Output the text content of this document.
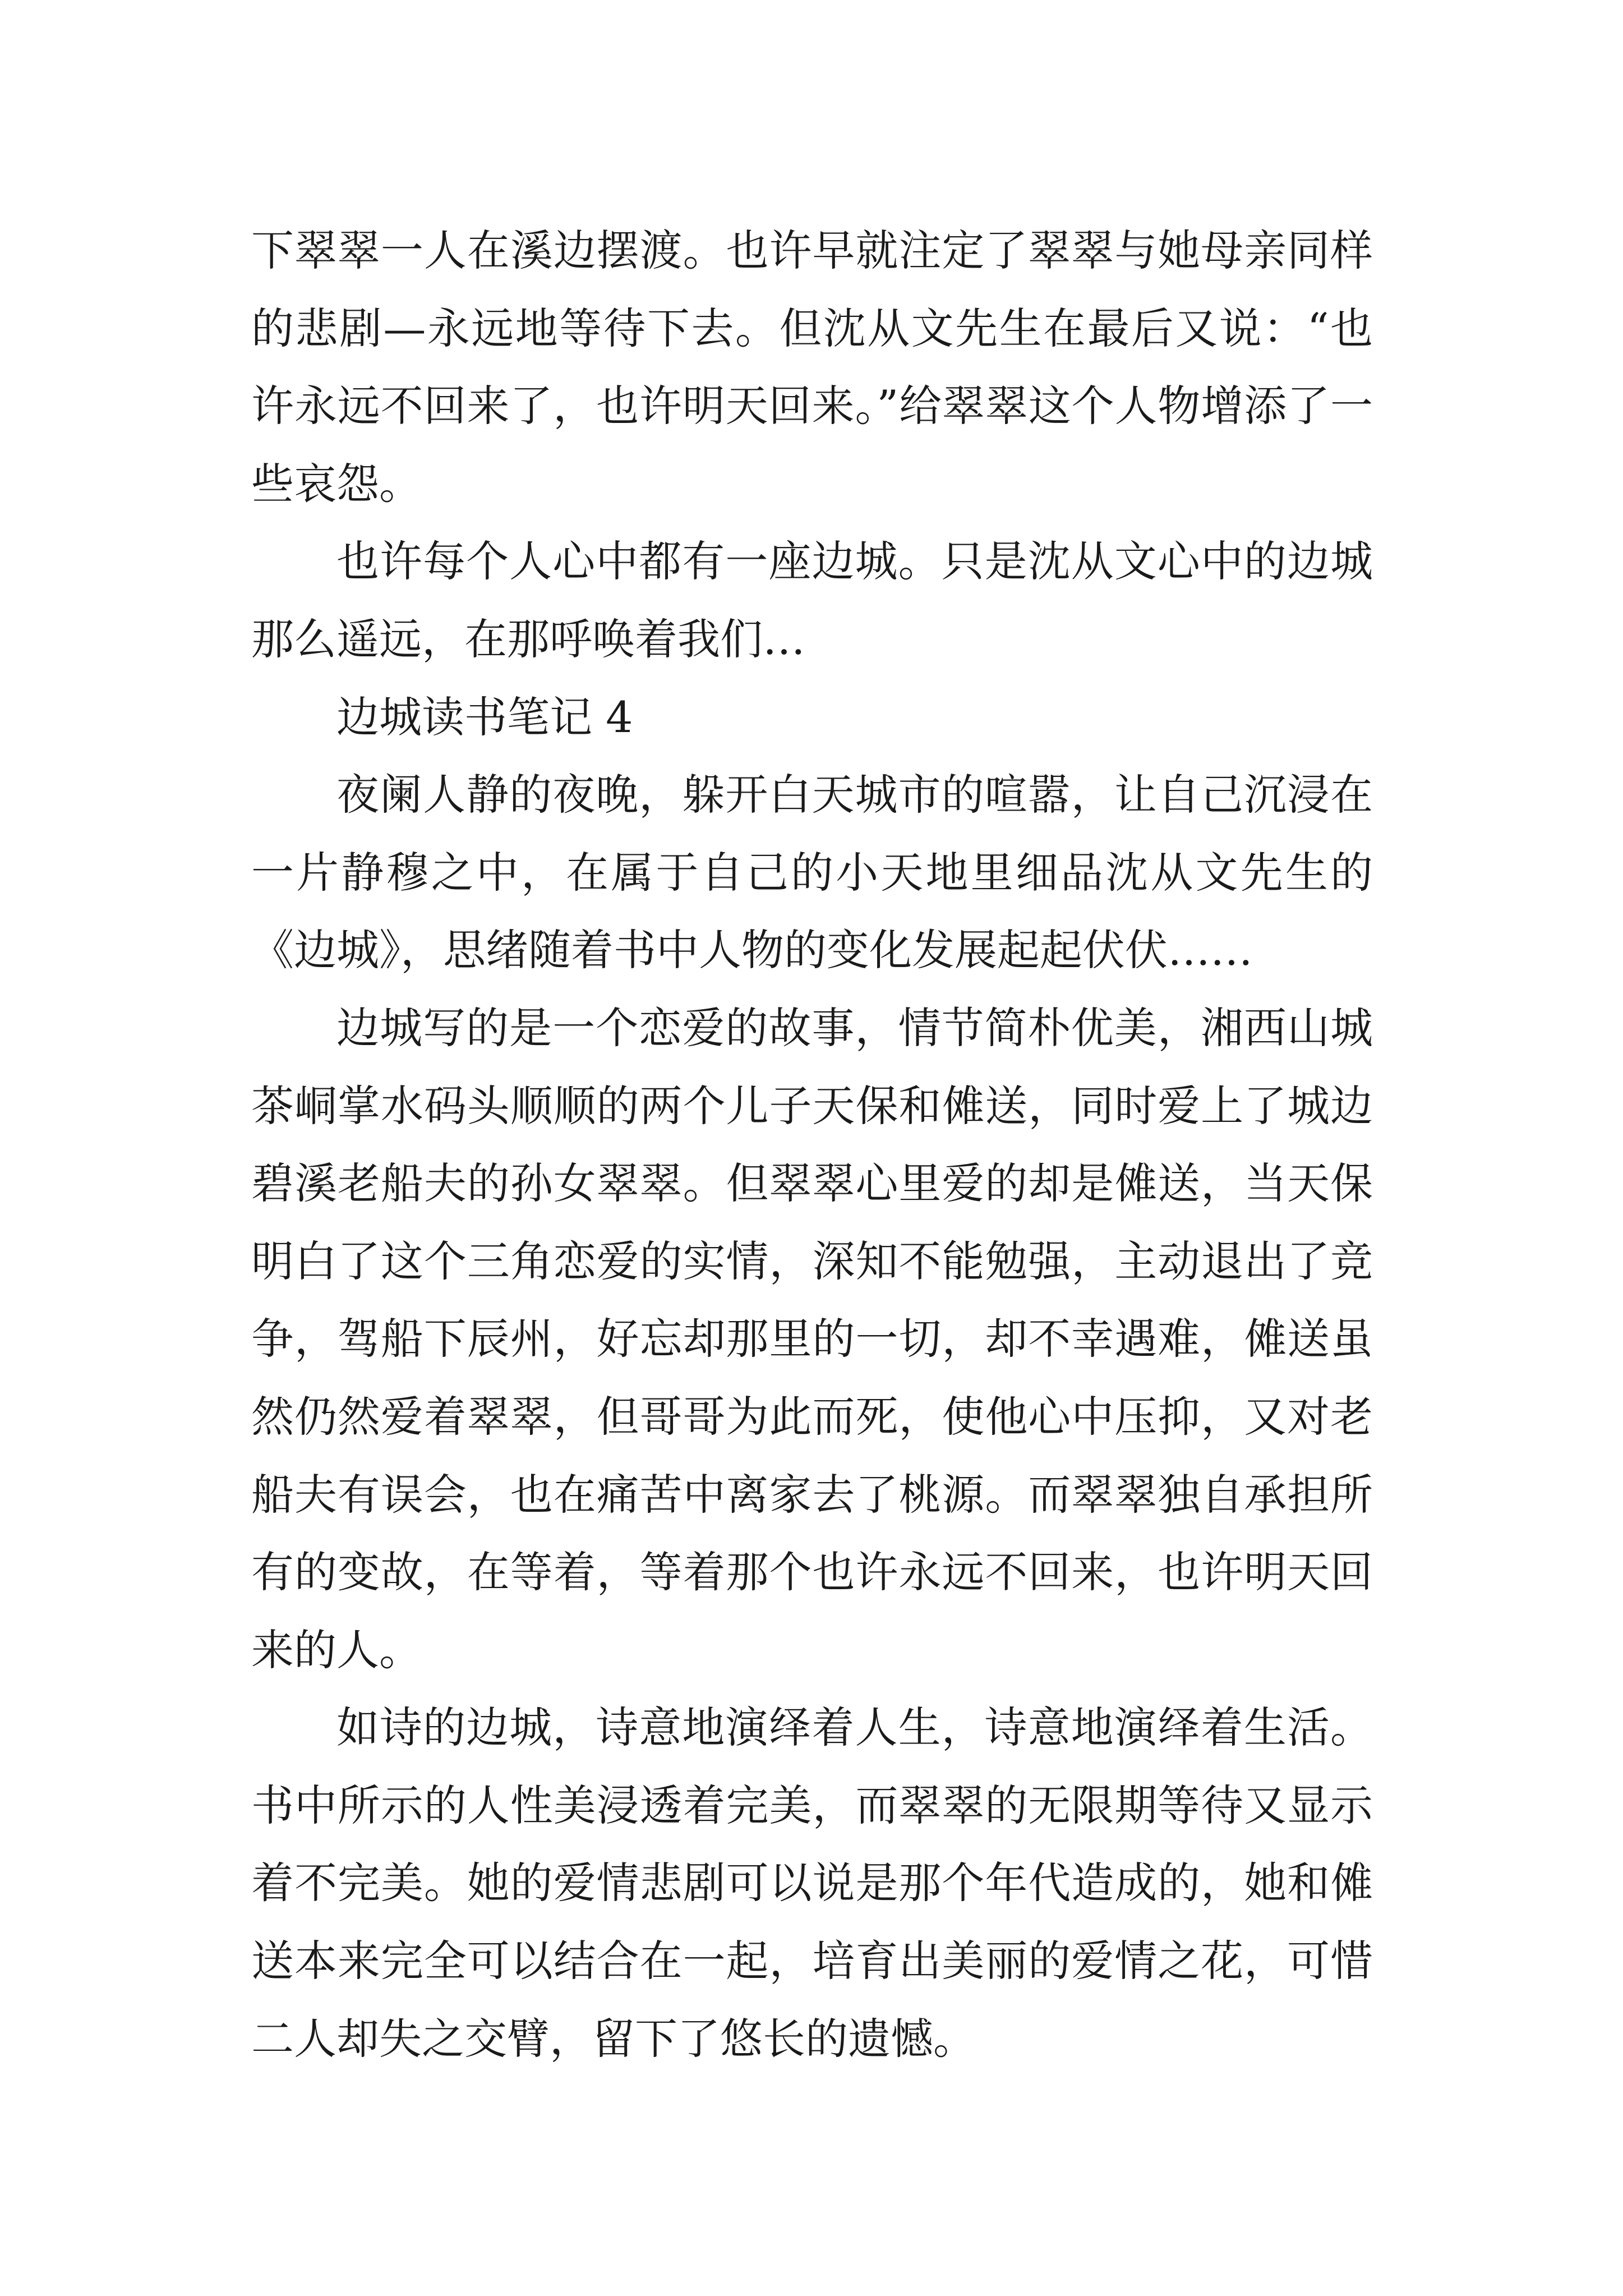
下翠翠一人在溪边摆渡。也许早就注定了翠翠与她母亲同样的悲剧—永远地等待下去。但沈从文先生在最后又说：“也许永远不回来了，也许明天回来。”给翠翠这个人物增添了一些哀怨。

也许每个人心中都有一座边城。只是沈从文心中的边城那么遥远，在那呼唤着我们…

边城读书笔记 4

夜阑人静的夜晚，躲开白天城市的喧嚣，让自己沉浸在一片静穆之中，在属于自己的小天地里细品沈从文先生的《边城》，思绪随着书中人物的变化发展起起伏伏……

边城写的是一个恋爱的故事，情节简朴优美，湘西山城茶峒掌水码头顺顺的两个儿子天保和傩送，同时爱上了城边碧溪老船夫的孙女翠翠。但翠翠心里爱的却是傩送，当天保明白了这个三角恋爱的实情，深知不能勉强，主动退出了竞争，驾船下辰州，好忘却那里的一切，却不幸遇难，傩送虽然仍然爱着翠翠，但哥哥为此而死，使他心中压抑，又对老船夫有误会，也在痛苦中离家去了桃源。而翠翠独自承担所有的变故，在等着，等着那个也许永远不回来，也许明天回来的人。

如诗的边城，诗意地演绎着人生，诗意地演绎着生活。书中所示的人性美浸透着完美，而翠翠的无限期等待又显示着不完美。她的爱情悲剧可以说是那个年代造成的，她和傩送本来完全可以结合在一起，培育出美丽的爱情之花，可惜二人却失之交臂，留下了悠长的遗憾。
